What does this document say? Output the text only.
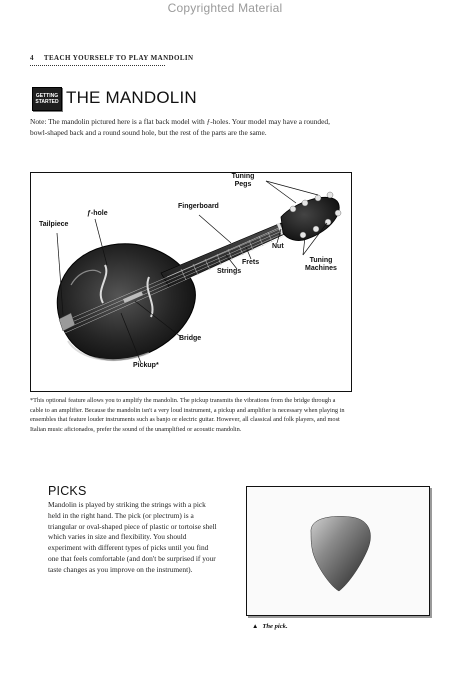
Copyrighted Material
4 TEACH YOURSELF TO PLAY MANDOLIN
GETTING
STARTED THE MANDOLIN
Note: The mandolin pictured here is a flat back model with ƒ-holes. Your model may have a rounded, bowl-shaped back and a round sound hole, but the rest of the parts are the same.
Tuning
Pegs
Fingerboard
ƒ-hole
Tailpiece
Nut
Frets
Strings
Tuning
Machines
Bridge
Pickup*
*This optional feature allows you to amplify the mandolin. The pickup transmits the vibrations from the bridge through a cable to an amplifier. Because the mandolin isn't a very loud instrument, a pickup and amplifier is necessary when playing in ensembles that feature louder instruments such as banjo or electric guitar. However, all classical and folk players, and most Italian music aficionados, prefer the sound of the unamplified or acoustic mandolin.
PICKS
Mandolin is played by striking the strings with a pick held in the right hand. The pick (or plectrum) is a triangular or oval-shaped piece of plastic or tortoise shell which varies in size and flexibility. You should experiment with different types of picks until you find one that feels comfortable (and don't be surprised if your taste changes as you improve on the instrument).
▲ The pick.
